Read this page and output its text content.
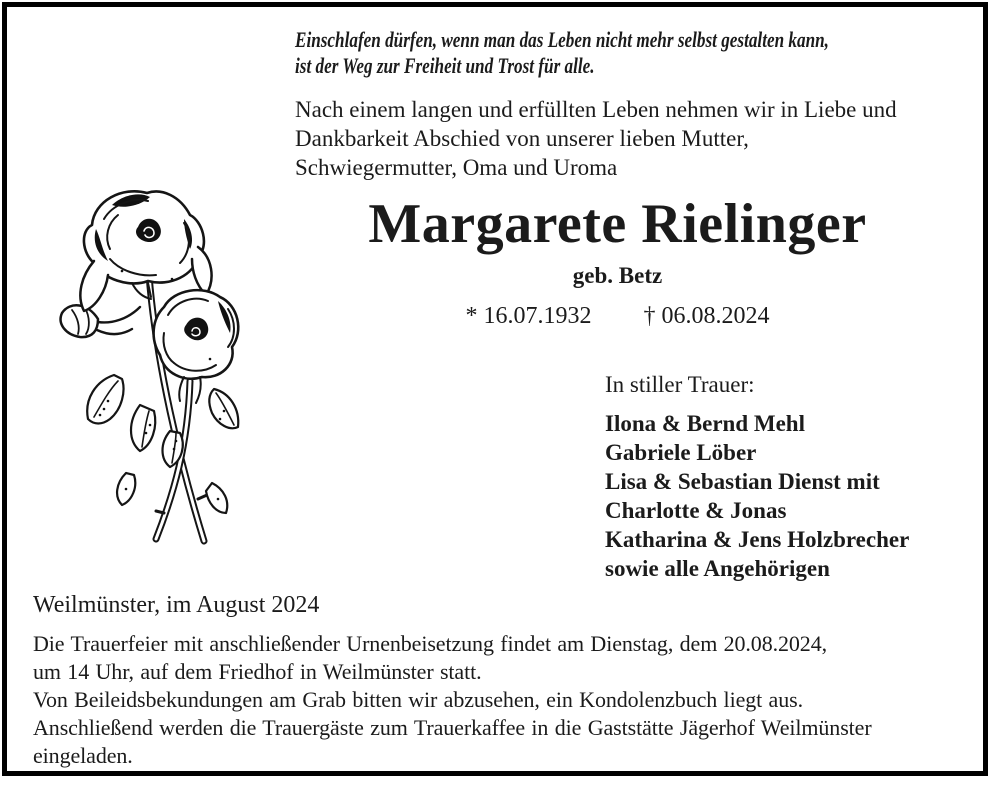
Einschlafen dürfen, wenn man das Leben nicht mehr selbst gestalten kann,
ist der Weg zur Freiheit und Trost für alle.
Nach einem langen und erfüllten Leben nehmen wir in Liebe und
Dankbarkeit Abschied von unserer lieben Mutter,
Schwiegermutter, Oma und Uroma
Margarete Rielinger
geb. Betz
* 16.07.1932 † 06.08.2024
In stiller Trauer:
Ilona & Bernd Mehl
Gabriele Löber
Lisa & Sebastian Dienst mit
Charlotte & Jonas
Katharina & Jens Holzbrecher
sowie alle Angehörigen
Weilmünster, im August 2024
Die Trauerfeier mit anschließender Urnenbeisetzung findet am Dienstag, dem 20.08.2024,
um 14 Uhr, auf dem Friedhof in Weilmünster statt.
Von Beileidsbekundungen am Grab bitten wir abzusehen, ein Kondolenzbuch liegt aus.
Anschließend werden die Trauergäste zum Trauerkaffee in die Gaststätte Jägerhof Weilmünster
eingeladen.
